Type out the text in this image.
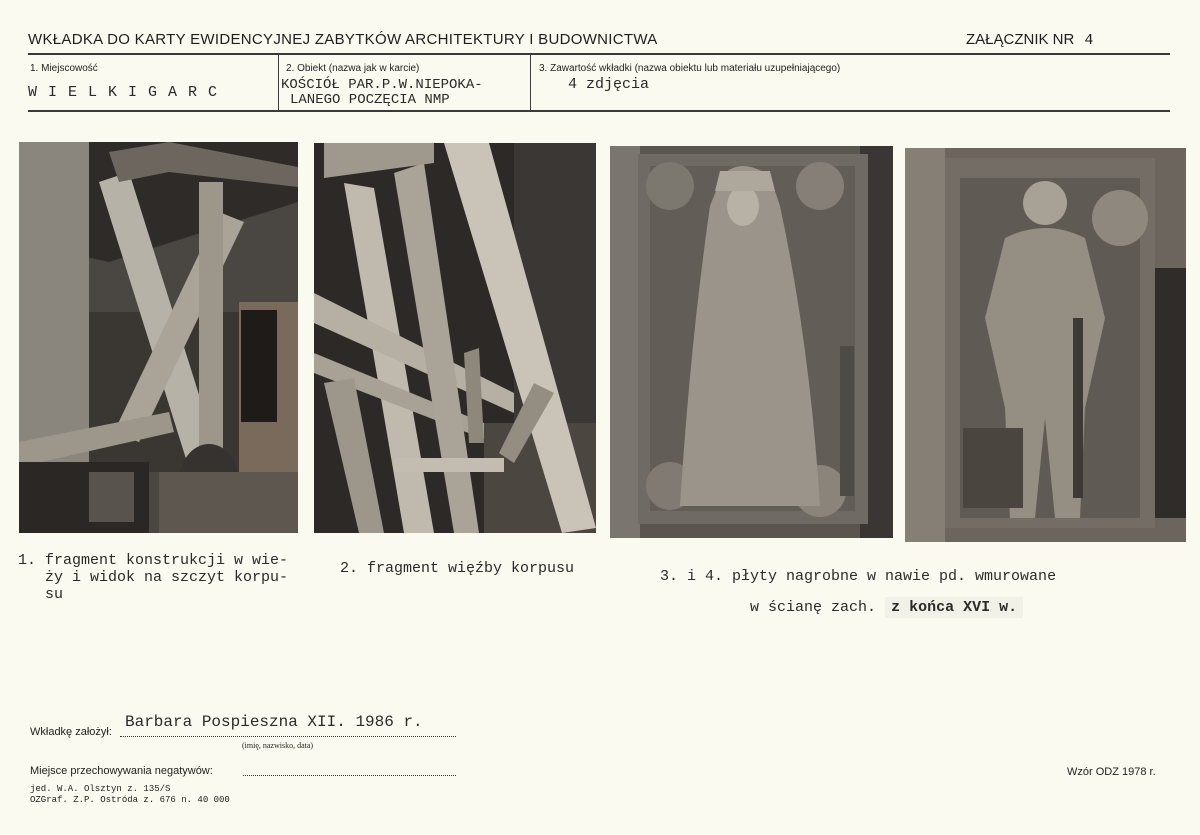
WKŁADKA DO KARTY EWIDENCYJNEJ ZABYTKÓW ARCHITEKTURY I BUDOWNICTWA	ZAŁĄCZNIK NR 4
1. Miejscowość
W I E L K I G A R C
2. Obiekt (nazwa jak w karcie)
KOŚCIÓŁ PAR.P.W.NIEPOKA-
LANEGO POCZĘCIA NMP
3. Zawartość wkładki (nazwa obiektu lub materiału uzupełniającego)
4 zdjęcia
1. fragment konstrukcji w wie-
ży i widok na szczyt korpu-
su
2. fragment więźby korpusu	3. i 4. płyty nagrobne w nawie pd. wmurowane

w ścianę zach. z końca XVI w.

Barbara Pospieszna XII. 1986 r.
Wkładkę założył:
(imię, nazwisko, data)
Miejsce przechowywania negatywów:
jed. W.A. Olsztyn z. 135/S
OZGraf. Z.P. Ostróda z. 676 n. 40 000
Wzór ODZ 1978 r.
